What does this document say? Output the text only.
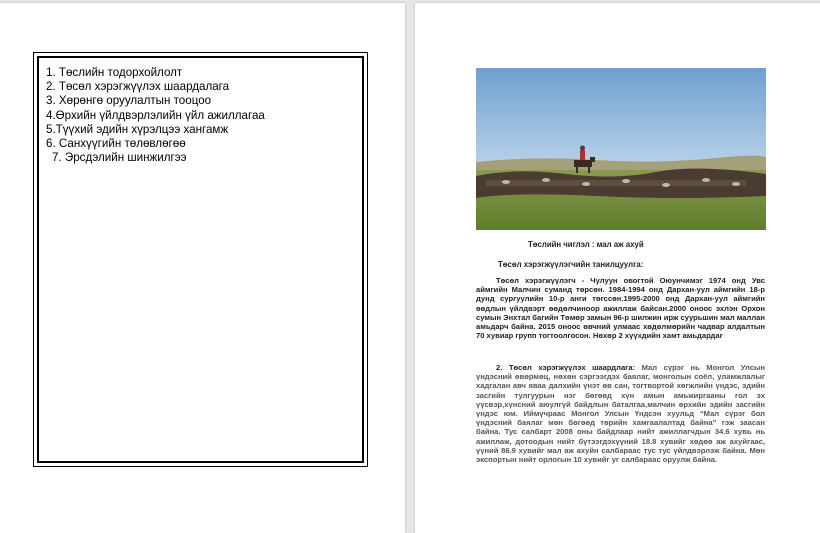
1. Төслийн тодорхойлолт
2. Төсөл хэрэгжүүлэх шаардалага
3. Хөрөнгө оруулалтын тооцоо
4.Өрхийн үйлдвэрлэлийн үйл ажиллагаа
5.Түүхий эдийн хүрэлцээ хангамж
6. Санхүүгийн төлөвлөгөө
7. Эрсдэлийн шинжилгээ
Төслийн чиглэл : мал аж ахуй
Төсөл хэрэгжүүлэгчийн танилцуулга:
Төсөл хэрэгжүүлэгч - Чулуун овогтой Оюунчимэг 1974 онд Увс аймгийн Малчин суманд төрсөн. 1984-1994 онд Дархан-уул аймгийн 18-р дунд сургуулийн 10-р анги төгссөн.1995-2000 онд Дархан-уул аймгийн өөдлын үйлдвэрт өөдөлчиноор ажиллаж байсан.2000 оноос эхлэн Орхон сумын Энхтал багийн Төмөр замын 96-р шилжин ирж суурьшин мал маллан амьдарч байна. 2015 оноос өвчний улмаас хөдөлмөрийн чадвар алдалтын 70 хувиар групп тогтоолгосон. Нөхөр 2 хүүхдийн хамт амьдардаг
2. Төсөл хэрэгжүүлэх шаардлага: Мал сүрэг нь Монгол Улсын үндэсний өвөрмөц, нөхөн сэргээгдэх баялаг, монголын соёл, уламжлалыг хадгалан авч яваа далхийн үнэт өв сан, тогтвортой хөгжлийн үндэс, эдийн засгийн тулгуурын нэг бөгөөд хүн амын амьжиргааны гол эх үүсвэр,хүнсний аюулгүй байдлын баталгаа,малчин өрхийн эдийн засгийн үндэс юм. Иймүчраас Монгол Улсын Үндсэн хуульд “Мал сүрэг бол үндэсний баялаг мөн бөгөөд төрийн хамгаалалтад байна” гэж заасан байна. Тус салбарт 2008 оны байдлаар нийт ажиллагчдын 34.6 хувь нь ажиллаж, дотоодын нийт бүтээгдэхүүний 18.8 хувийг хөдөө аж ахуйгаас, үүний 86.9 хувийг мал аж ахуйн салбараас тус тус үйлдвэрлэж байна. Мөн экспортын нийт орлогын 10 хувийг уг салбараас оруулж байна.
